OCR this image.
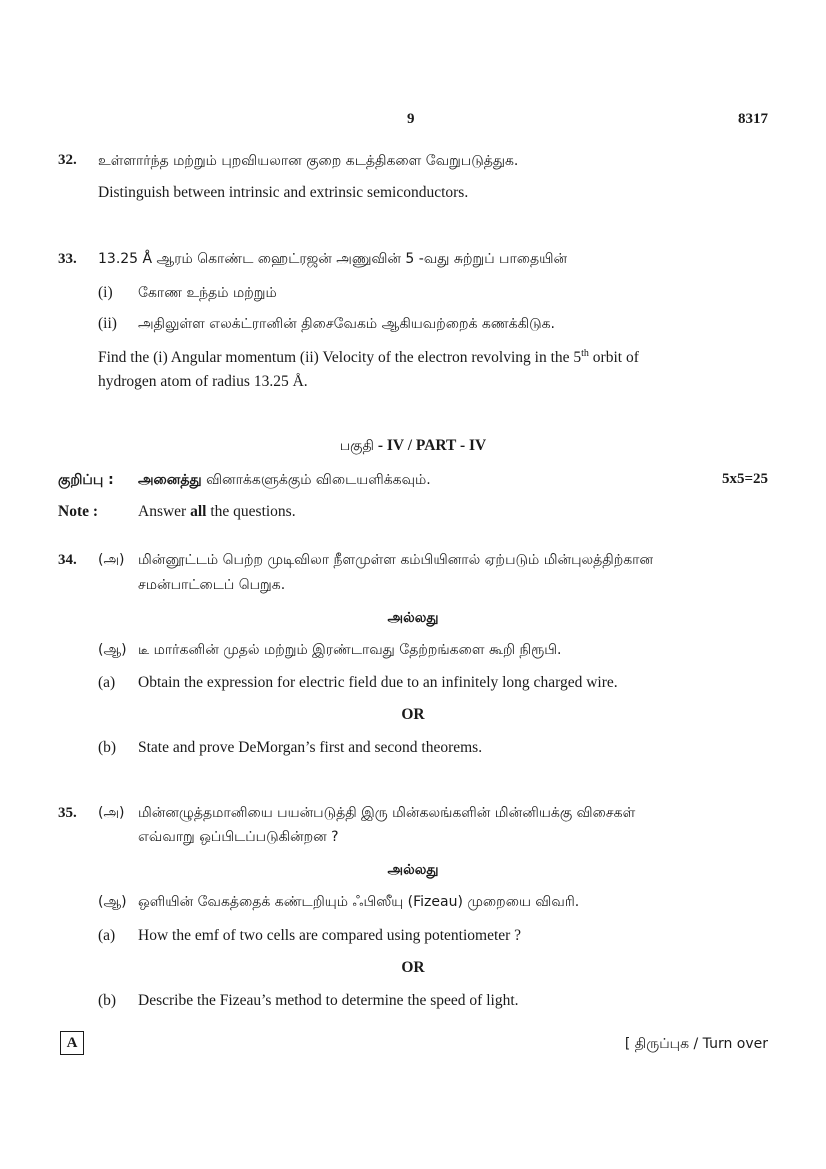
9	8317
32. உள்ளார்ந்த மற்றும் புறவியலான குறை கடத்திகளை வேறுபடுத்துக.
Distinguish between intrinsic and extrinsic semiconductors.
33. 13.25 Å ஆரம் கொண்ட ஹைட்ரஜன் அணுவின் 5 -வது சுற்றுப் பாதையின்
(i) கோண உந்தம் மற்றும்
(ii) அதிலுள்ள எலக்ட்ரானின் திசைவேகம் ஆகியவற்றைக் கணக்கிடுக.
Find the (i) Angular momentum (ii) Velocity of the electron revolving in the 5th orbit of
hydrogen atom of radius 13.25 Å.
பகுதி - IV / PART - IV
குறிப்பு : அனைத்து வினாக்களுக்கும் விடையளிக்கவும்.	5x5=25
Note :	Answer all the questions.
34. (அ) மின்னூட்டம் பெற்ற முடிவிலா நீளமுள்ள கம்பியினால் ஏற்படும் மின்புலத்திற்கான
சமன்பாட்டைப் பெறுக.
அல்லது
(ஆ) டீ மார்கனின் முதல் மற்றும் இரண்டாவது தேற்றங்களை கூறி நிரூபி.
(a) Obtain the expression for electric field due to an infinitely long charged wire.
OR
(b) State and prove DeMorgan’s first and second theorems.
35. (அ) மின்னழுத்தமானியை பயன்படுத்தி இரு மின்கலங்களின் மின்னியக்கு விசைகள்
எவ்வாறு ஒப்பிடப்படுகின்றன ?
அல்லது
(ஆ) ஒளியின் வேகத்தைக் கண்டறியும் ஃபிஸீயு (Fizeau) முறையை விவரி.
(a) How the emf of two cells are compared using potentiometer ?
OR
(b) Describe the Fizeau’s method to determine the speed of light.
A	[ திருப்புக / Turn over
